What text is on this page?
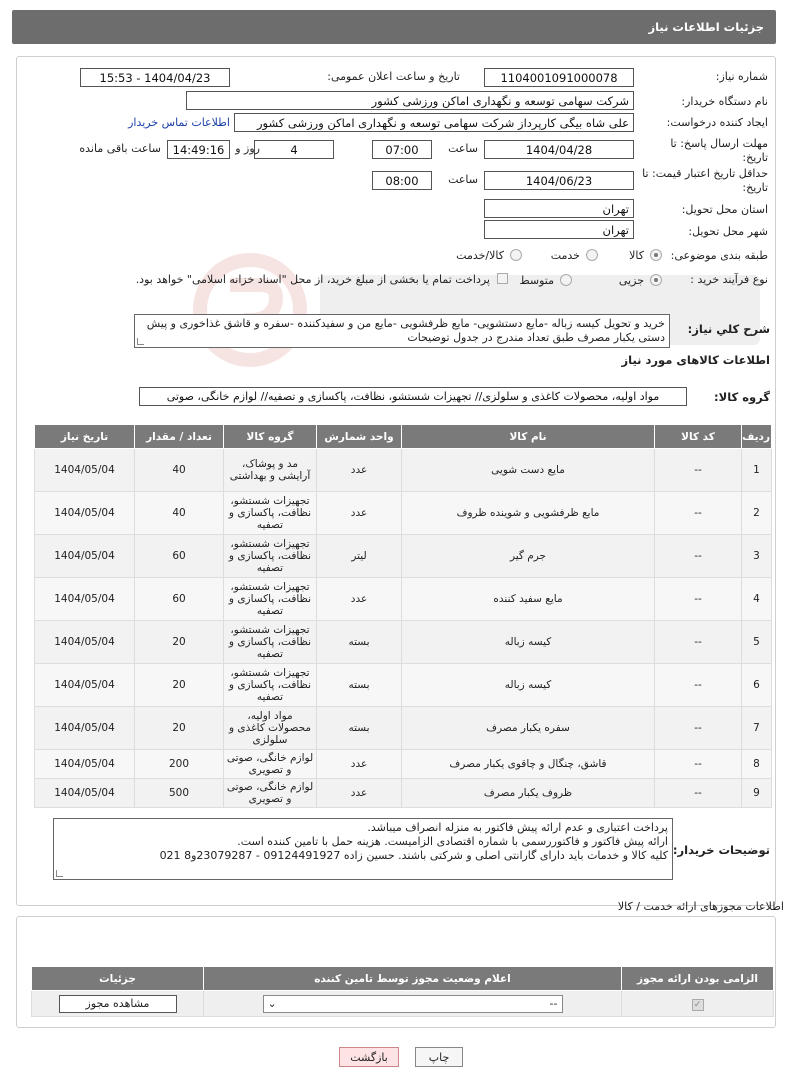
جزئیات اطلاعات نیاز
شماره نیاز:
1104001091000078
تاریخ و ساعت اعلان عمومی:
1404/04/23 - 15:53
نام دستگاه خریدار:
شرکت سهامی توسعه و نگهداری اماکن ورزشی کشور
ایجاد کننده درخواست:
علی شاه بیگی کارپرداز شرکت سهامی توسعه و نگهداری اماکن ورزشی کشور
اطلاعات تماس خریدار
مهلت ارسال پاسخ: تا تاریخ:
1404/04/28
ساعت
07:00
4
روز و
14:49:16
ساعت باقی مانده
حداقل تاریخ اعتبار قیمت: تا تاریخ:
1404/06/23
ساعت
08:00
استان محل تحویل:
تهران
شهر محل تحویل:
تهران
طبقه بندی موضوعی:
کالا
خدمت
کالا/خدمت
نوع فرآیند خرید :
جزیی
متوسط
پرداخت تمام یا بخشی از مبلغ خرید، از محل "اسناد خزانه اسلامی" خواهد بود.
شرح كلي نياز:
خرید و تحویل کیسه زباله -مایع دستشویی- مایع ظرفشویی -مایع من و سفیدکننده -سفره و قاشق غذاخوری و پیش دستی یکبار مصرف طبق تعداد مندرج در جدول توضیحات
اطلاعات کالاهای مورد نیاز
گروه کالا:
مواد اولیه، محصولات کاغذی و سلولزی// تجهیزات شستشو، نظافت، پاکسازی و تصفیه// لوازم خانگی، صوتی
ردیف	کد کالا	نام کالا	واحد شمارش	گروه کالا	تعداد / مقدار	تاریخ نیاز
1	--	مایع دست شویی	عدد	مد و پوشاک، آرایشی و بهداشتی	40	1404/05/04
2	--	مایع ظرفشویی و شوینده ظروف	عدد	تجهیزات شستشو، نظافت، پاکسازی و تصفیه	40	1404/05/04
3	--	جرم گیر	لیتر	تجهیزات شستشو، نظافت، پاکسازی و تصفیه	60	1404/05/04
4	--	مایع سفید کننده	عدد	تجهیزات شستشو، نظافت، پاکسازی و تصفیه	60	1404/05/04
5	--	کیسه زباله	بسته	تجهیزات شستشو، نظافت، پاکسازی و تصفیه	20	1404/05/04
6	--	کیسه زباله	بسته	تجهیزات شستشو، نظافت، پاکسازی و تصفیه	20	1404/05/04
7	--	سفره یکبار مصرف	بسته	مواد اولیه، محصولات کاغذی و سلولزی	20	1404/05/04
8	--	قاشق، چنگال و چاقوی یکبار مصرف	عدد	لوازم خانگی، صوتی و تصویری	200	1404/05/04
9	--	ظروف یکبار مصرف	عدد	لوازم خانگی، صوتی و تصویری	500	1404/05/04
توضیحات خریدار:
پرداخت اعتباری و عدم ارائه پیش فاکتور به منزله انصراف میباشد.
ارائه پیش فاکتور و فاکتوررسمی با شماره اقتصادی الزامیست. هزینه حمل با تامین کننده است.
کلیه کالا و خدمات باید دارای گارانتی اصلی و شرکتی باشند. حسین زاده 09124491927 - 23079287و8 021
اطلاعات مجوزهای ارائه خدمت / کالا
الزامی بودن ارائه مجوز	اعلام وضعیت مجوز توسط تامین کننده	جزئیات
✓	⌄ --	مشاهده مجوز
چاپ
بازگشت
